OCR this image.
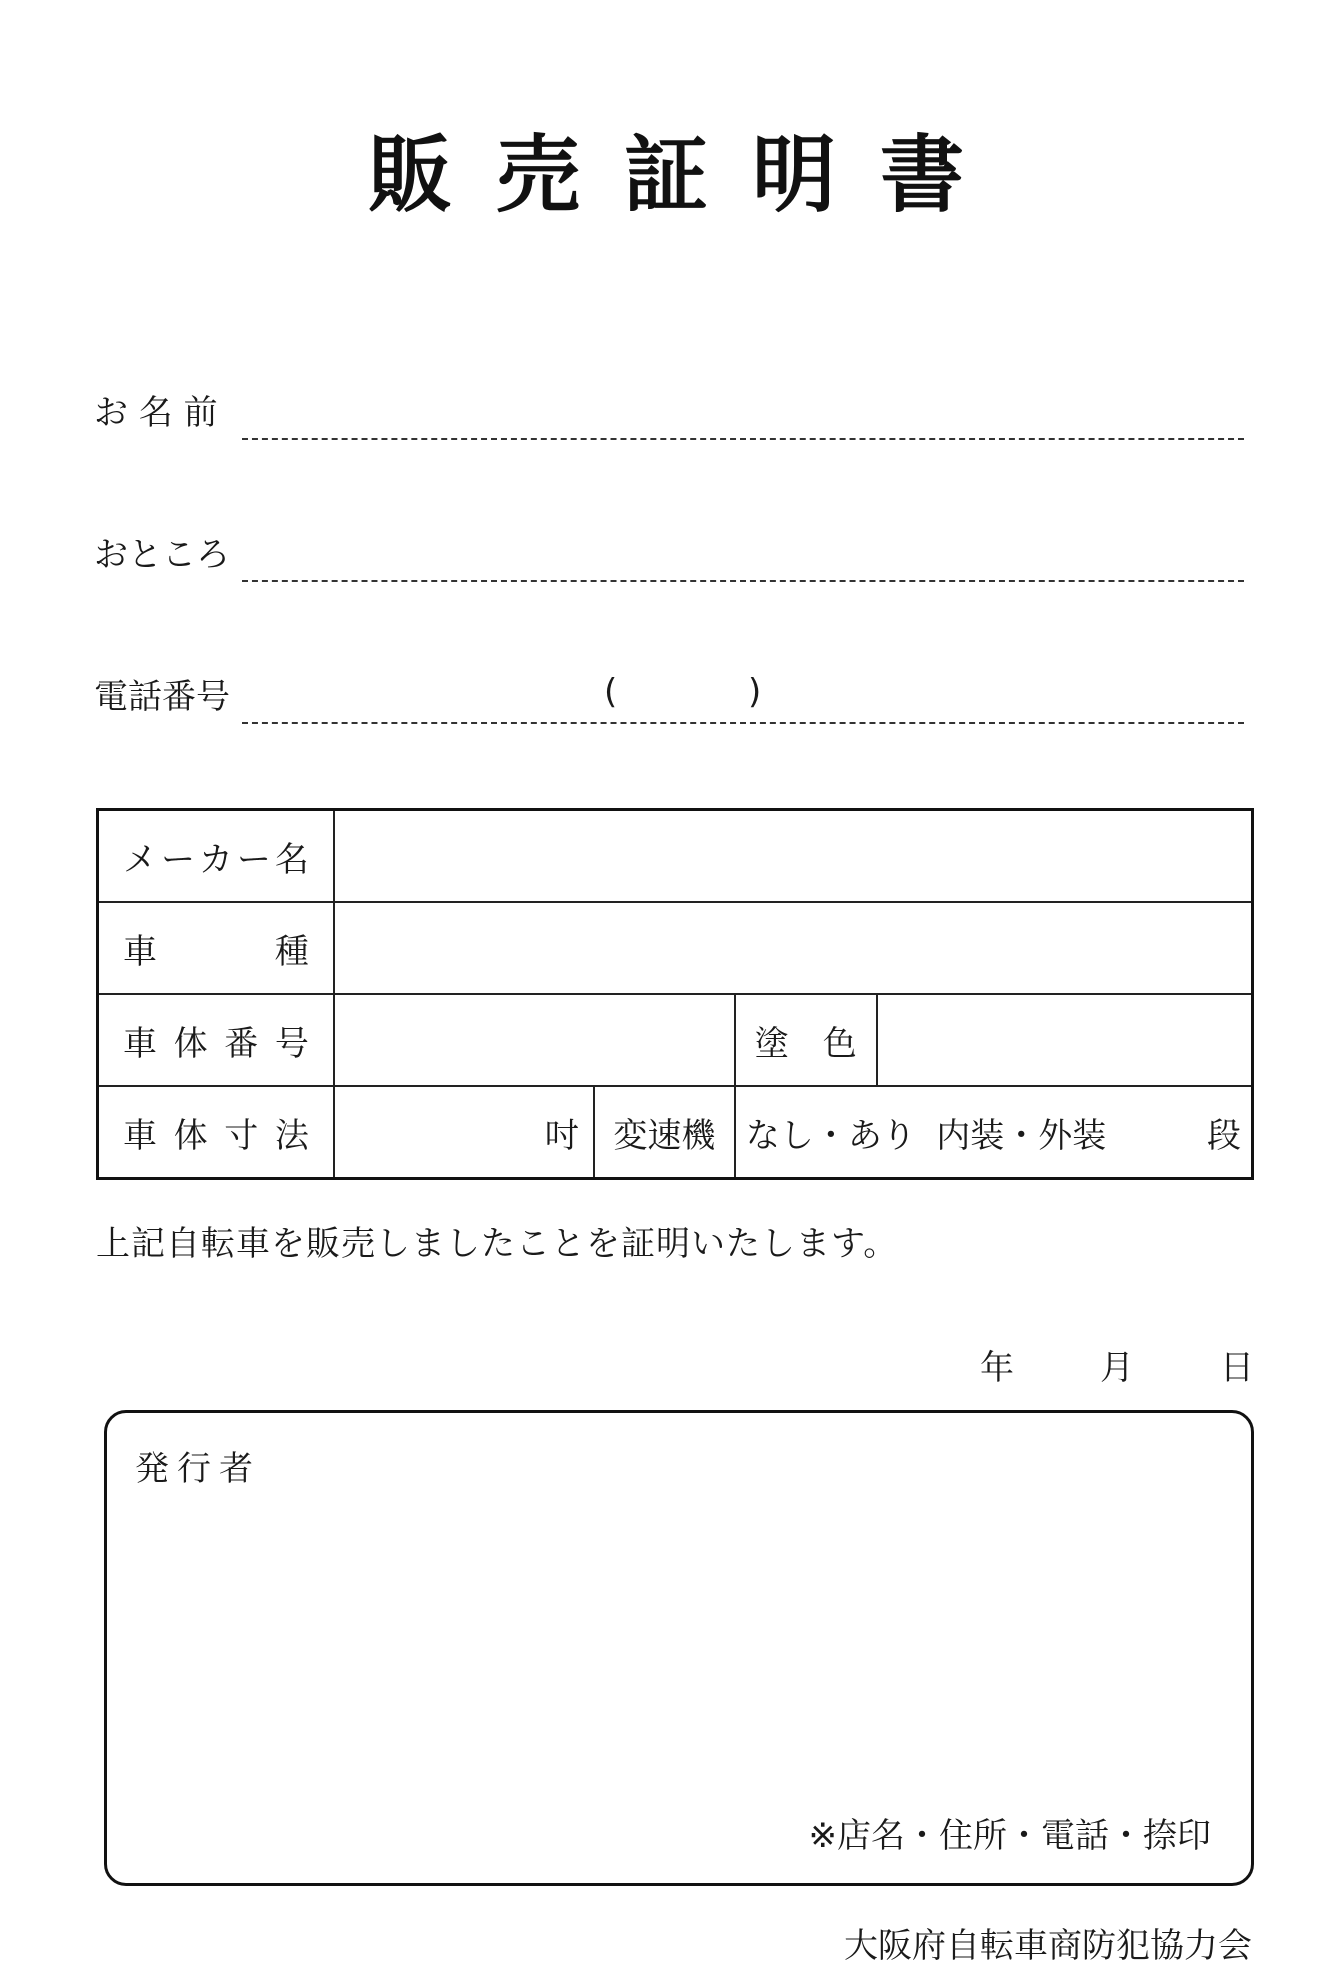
販売証明書
お 名 前
おところ
電話番号	(	)
メ ー カ ー 名				

車 種				

車 体 番 号			塗　色	

車 体 寸 法	吋	変速機	なし・あり 内装・外装 段	
上記自転車を販売しましたことを証明いたします。
年	月	日
発行者
※店名・住所・電話・捺印
大阪府自転車商防犯協力会
